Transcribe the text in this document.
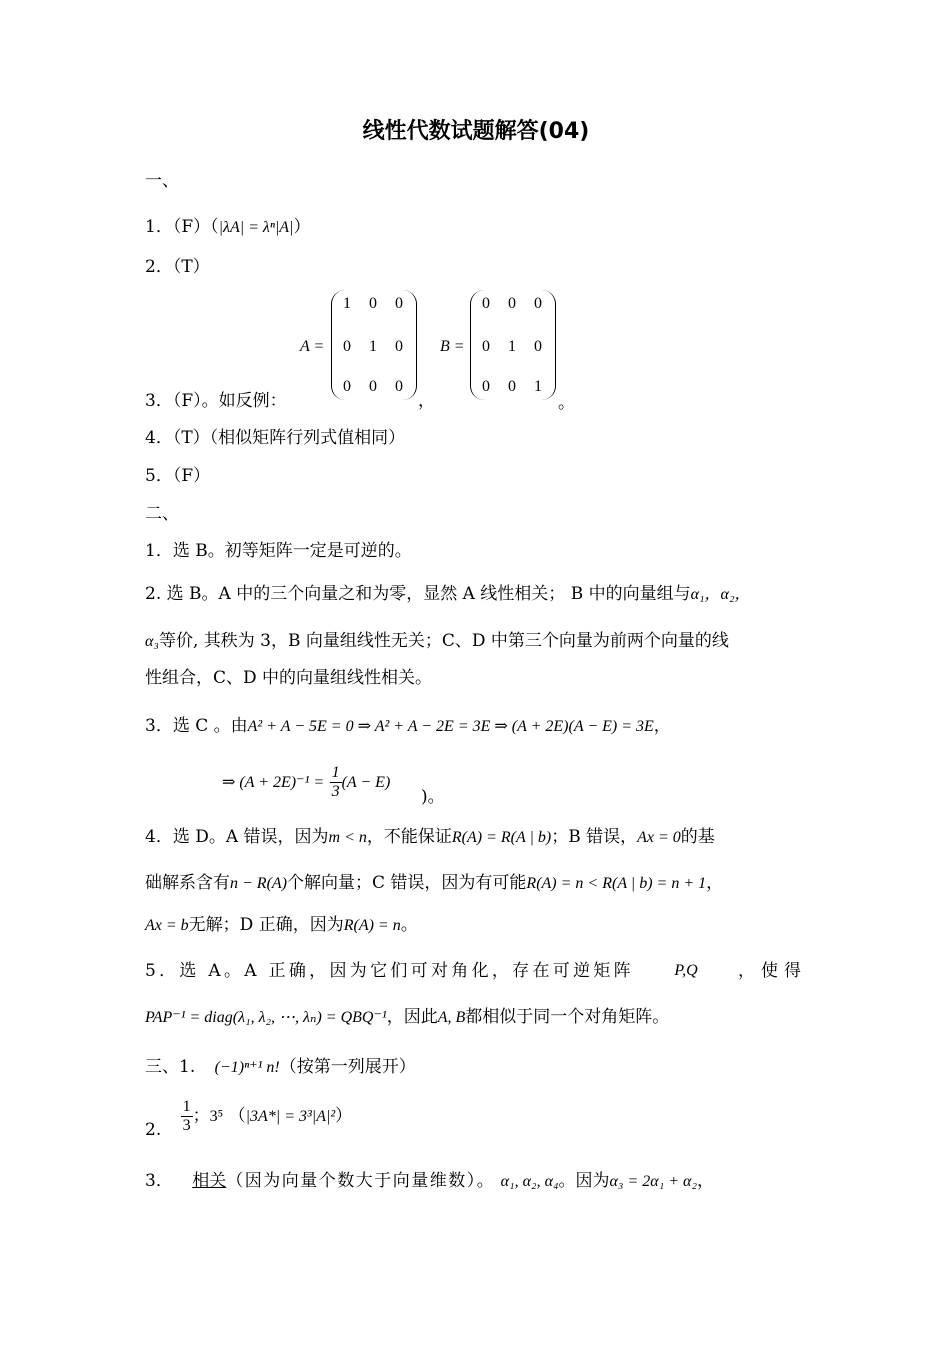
线性代数试题解答(04)
一、
1．（F）（|λA| = λⁿ|A|）
2．（T）
3．（F）。如反例：
A =
1	0	0
0	1	0
0	0	0
，
B =
0	0	0
0	1	0
0	0	1
。
4．（T）（相似矩阵行列式值相同）
5．（F）
二、
1．选 B。初等矩阵一定是可逆的。
2. 选 B。A 中的三个向量之和为零，显然 A 线性相关； B 中的向量组与α₁，α₂，
α₃等价, 其秩为 3，B 向量组线性无关；C、D 中第三个向量为前两个向量的线
性组合，C、D 中的向量组线性相关。
3．选 C 。由A² + A − 5E = 0 ⇒ A² + A − 2E = 3E ⇒ (A + 2E)(A − E) = 3E，
⇒ $(A + 2E)^{-1} = \frac{1}{3} (A - E)$
)。
4．选 D。A 错误，因为m < n，不能保证R(A) = R(A | b)；B 错误，Ax = 0的基
础解系含有n − R(A)个解向量；C 错误，因为有可能R(A) = n < R(A | b) = n + 1，
Ax = b无解；D 正确，因为R(A) = n。
5．选 A。A 正确，因为它们可对角化，存在可逆矩阵	P,Q ，使得
PAP⁻¹ = diag(λ₁, λ₂, ⋯, λₙ) = QBQ⁻¹，因此A, B都相似于同一个对角矩阵。
三、1. (−1)ⁿ⁺¹ n!（按第一列展开）
2. $\frac{1}{3}$ ；3⁵ （|3A*| = 3³|A|²）
3． 相关（因为向量个数大于向量维数）。 α₁, α₂, α₄。因为α₃ = 2α₁ + α₂，
